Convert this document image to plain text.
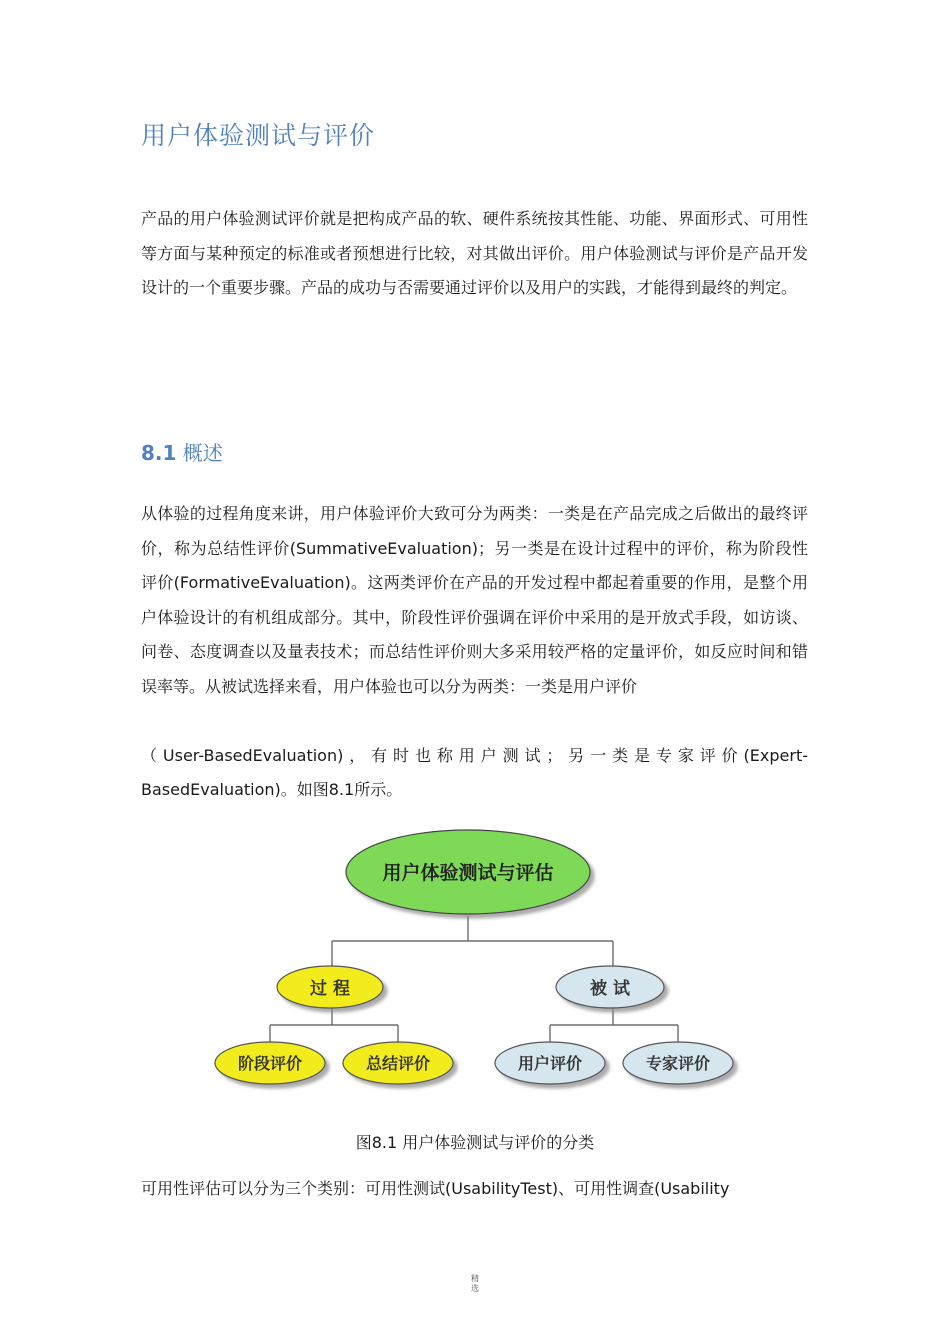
用户体验测试与评价

产品的用户体验测试评价就是把构成产品的软、硬件系统按其性能、功能、界面形式、可用性等方面与某种预定的标准或者预想进行比较，对其做出评价。用户体验测试与评价是产品开发设计的一个重要步骤。产品的成功与否需要通过评价以及用户的实践，才能得到最终的判定。

8.1 概述

从体验的过程角度来讲，用户体验评价大致可分为两类：一类是在产品完成之后做出的最终评价，称为总结性评价(SummativeEvaluation)；另一类是在设计过程中的评价，称为阶段性评价(FormativeEvaluation)。这两类评价在产品的开发过程中都起着重要的作用，是整个用户体验设计的有机组成部分。其中，阶段性评价强调在评价中采用的是开放式手段，如访谈、问卷、态度调查以及量表技术；而总结性评价则大多采用较严格的定量评价，如反应时间和错误率等。从被试选择来看，用户体验也可以分为两类：一类是用户评价

（User-BasedEvaluation)，有时也称用户测试；另一类是专家评价(Expert-

BasedEvaluation)。如图8.1所示。

用户体验测试与评估
过 程	被 试
阶段评价	总结评价	用户评价	专家评价

图8.1 用户体验测试与评价的分类

可用性评估可以分为三个类别：可用性测试(UsabilityTest)、可用性调查(Usability

精
选
